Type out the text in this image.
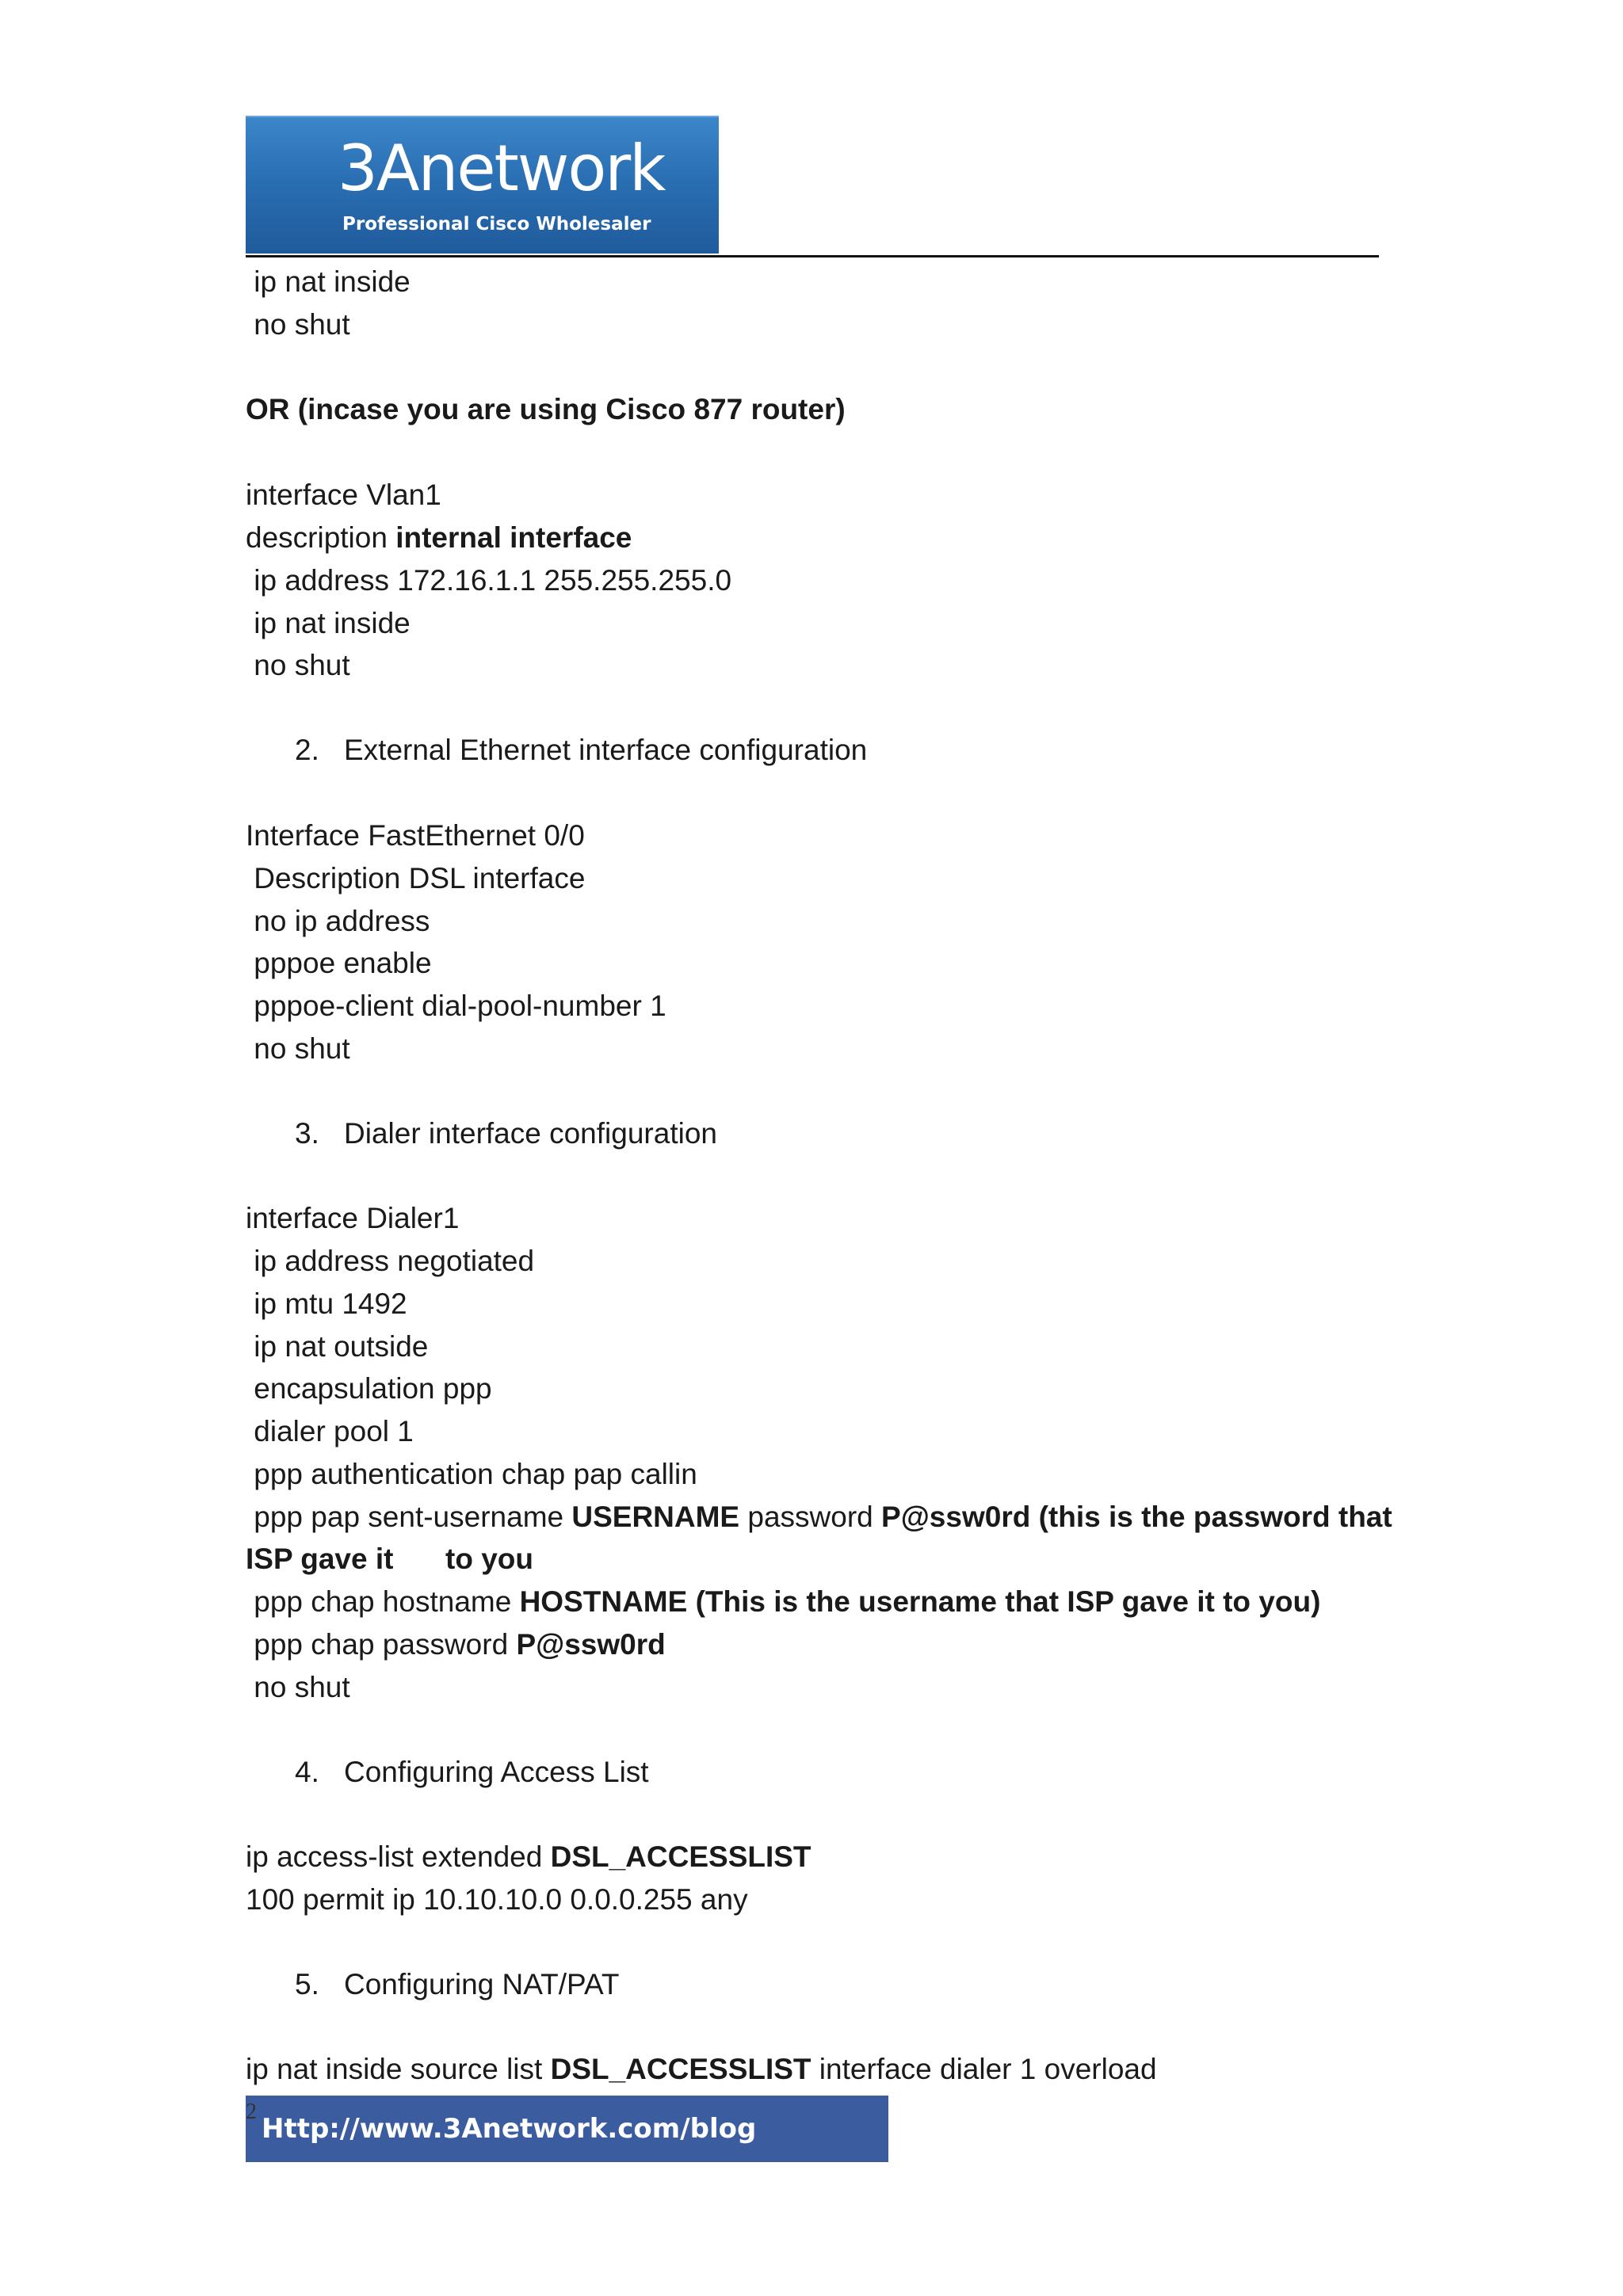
3Anetwork
Professional Cisco Wholesaler
ip nat inside
no shut
OR (incase you are using Cisco 877 router)
interface Vlan1
description internal interface
ip address 172.16.1.1 255.255.255.0
ip nat inside
no shut
2. External Ethernet interface configuration
Interface FastEthernet 0/0
Description DSL interface
no ip address
pppoe enable
pppoe-client dial-pool-number 1
no shut
3. Dialer interface configuration
interface Dialer1
ip address negotiated
ip mtu 1492
ip nat outside
encapsulation ppp
dialer pool 1
ppp authentication chap pap callin
ppp pap sent-username USERNAME password P@ssw0rd (this is the password that
ISP gave it to you
ppp chap hostname HOSTNAME (This is the username that ISP gave it to you)
ppp chap password P@ssw0rd
no shut
4. Configuring Access List
ip access-list extended DSL_ACCESSLIST
100 permit ip 10.10.10.0 0.0.0.255 any
5. Configuring NAT/PAT
ip nat inside source list DSL_ACCESSLIST interface dialer 1 overload
Http://www.3Anetwork.com/blog
2
